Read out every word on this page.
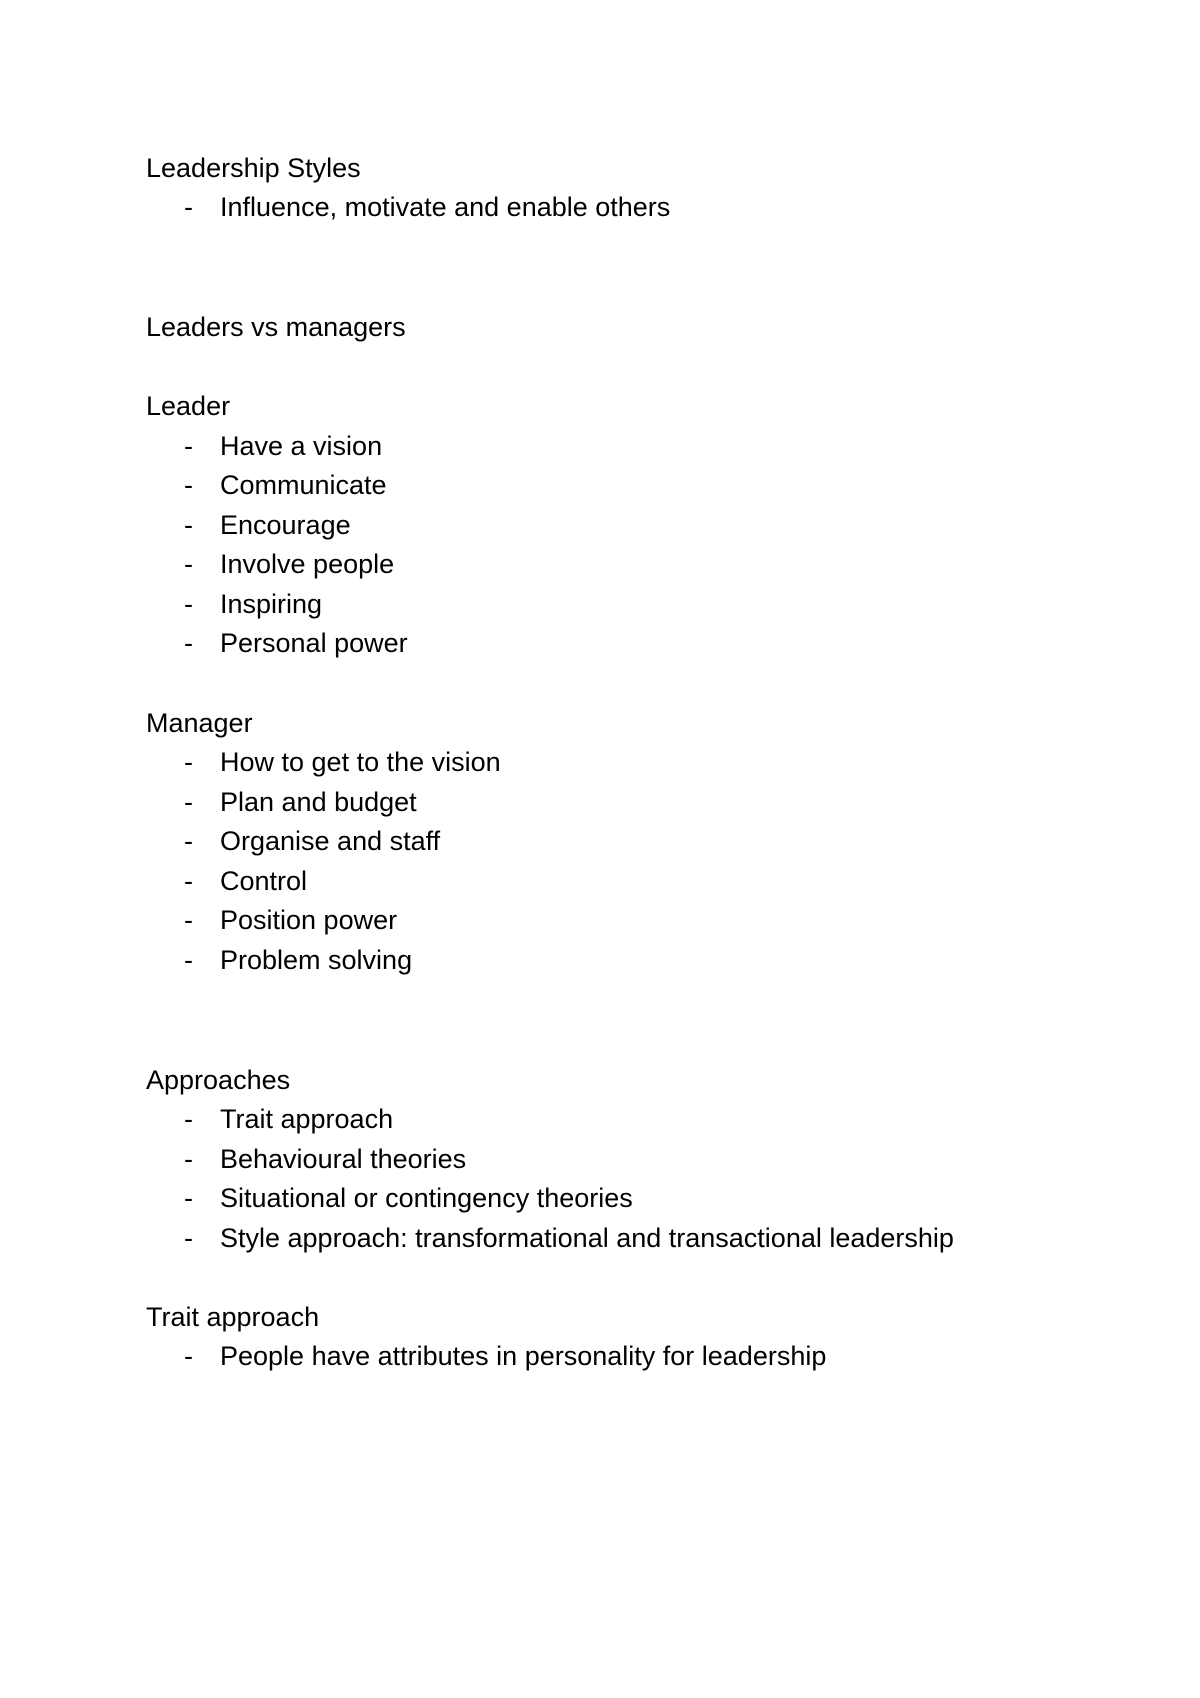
Leadership Styles
- Influence, motivate and enable others
Leaders vs managers
Leader
- Have a vision
- Communicate
- Encourage
- Involve people
- Inspiring
- Personal power
Manager
- How to get to the vision
- Plan and budget
- Organise and staff
- Control
- Position power
- Problem solving
Approaches
- Trait approach
- Behavioural theories
- Situational or contingency theories
- Style approach: transformational and transactional leadership
Trait approach
- People have attributes in personality for leadership
